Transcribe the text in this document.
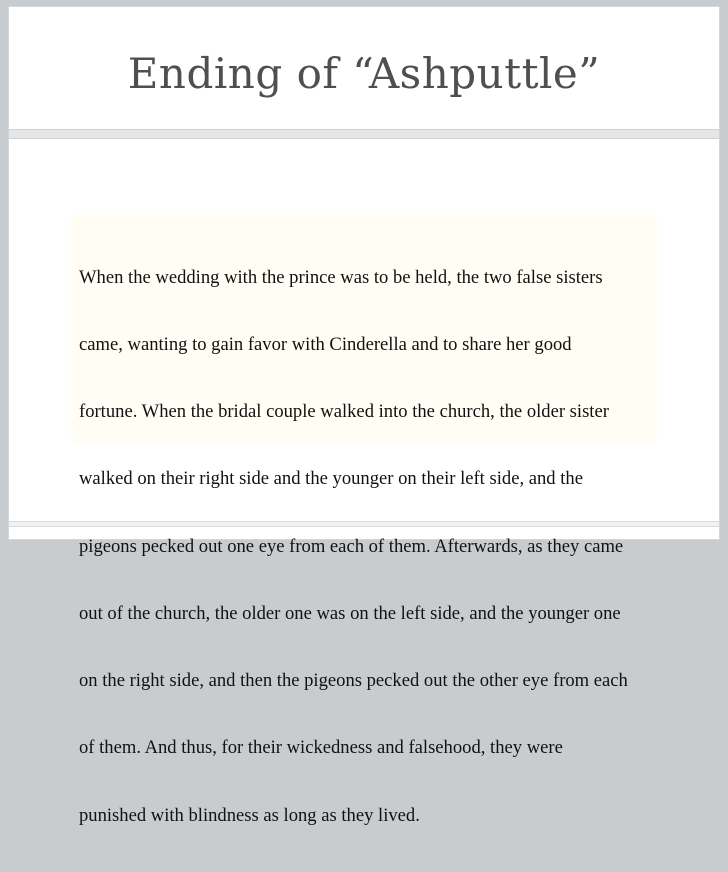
Ending of “Ashputtle”

When the wedding with the prince was to be held, the two false sisters

came, wanting to gain favor with Cinderella and to share her good

fortune. When the bridal couple walked into the church, the older sister

walked on their right side and the younger on their left side, and the

pigeons pecked out one eye from each of them. Afterwards, as they came

out of the church, the older one was on the left side, and the younger one

on the right side, and then the pigeons pecked out the other eye from each

of them. And thus, for their wickedness and falsehood, they were

punished with blindness as long as they lived.
